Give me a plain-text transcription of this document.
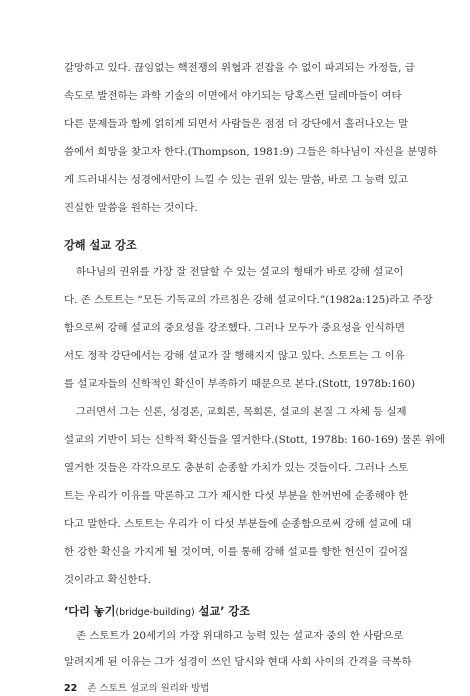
갈망하고 있다. 끊임없는 핵전쟁의 위협과 걷잡을 수 없이 파괴되는 가정들, 급
속도로 발전하는 과학 기술의 이면에서 야기되는 당혹스런 딜레마들이 여타
다른 문제들과 함께 얽히게 되면서 사람들은 점점 더 강단에서 흘러나오는 말
씀에서 희망을 찾고자 한다.(Thompson, 1981:9) 그들은 하나님이 자신을 분명하
게 드러내시는 성경에서만이 느낄 수 있는 권위 있는 말씀, 바로 그 능력 있고
진실한 말씀을 원하는 것이다.
강해 설교 강조
하나님의 권위를 가장 잘 전달할 수 있는 설교의 형태가 바로 강해 설교이
다. 존 스토트는 “모든 기독교의 가르침은 강해 설교이다.”(1982a:125)라고 주장
함으로써 강해 설교의 중요성을 강조했다. 그러나 모두가 중요성을 인식하면
서도 정작 강단에서는 강해 설교가 잘 행해지지 않고 있다. 스토트는 그 이유
를 설교자들의 신학적인 확신이 부족하기 때문으로 본다.(Stott, 1978b:160)
그러면서 그는 신론, 성경론, 교회론, 목회론, 설교의 본질 그 자체 등 실제
설교의 기반이 되는 신학적 확신들을 열거한다.(Stott, 1978b: 160-169) 물론 위에
열거한 것들은 각각으로도 충분히 순종할 가치가 있는 것들이다. 그러나 스토
트는 우리가 이유를 막론하고 그가 제시한 다섯 부분을 한꺼번에 순종해야 한
다고 말한다. 스토트는 우리가 이 다섯 부분들에 순종함으로써 강해 설교에 대
한 강한 확신을 가지게 될 것이며, 이를 통해 강해 설교를 향한 헌신이 깊어질
것이라고 확신한다.
‘다리 놓기(bridge-building) 설교’ 강조
존 스토트가 20세기의 가장 위대하고 능력 있는 설교자 중의 한 사람으로
알려지게 된 이유는 그가 성경이 쓰인 당시와 현대 사회 사이의 간격을 극복하
22 존 스토트 설교의 원리와 방법
